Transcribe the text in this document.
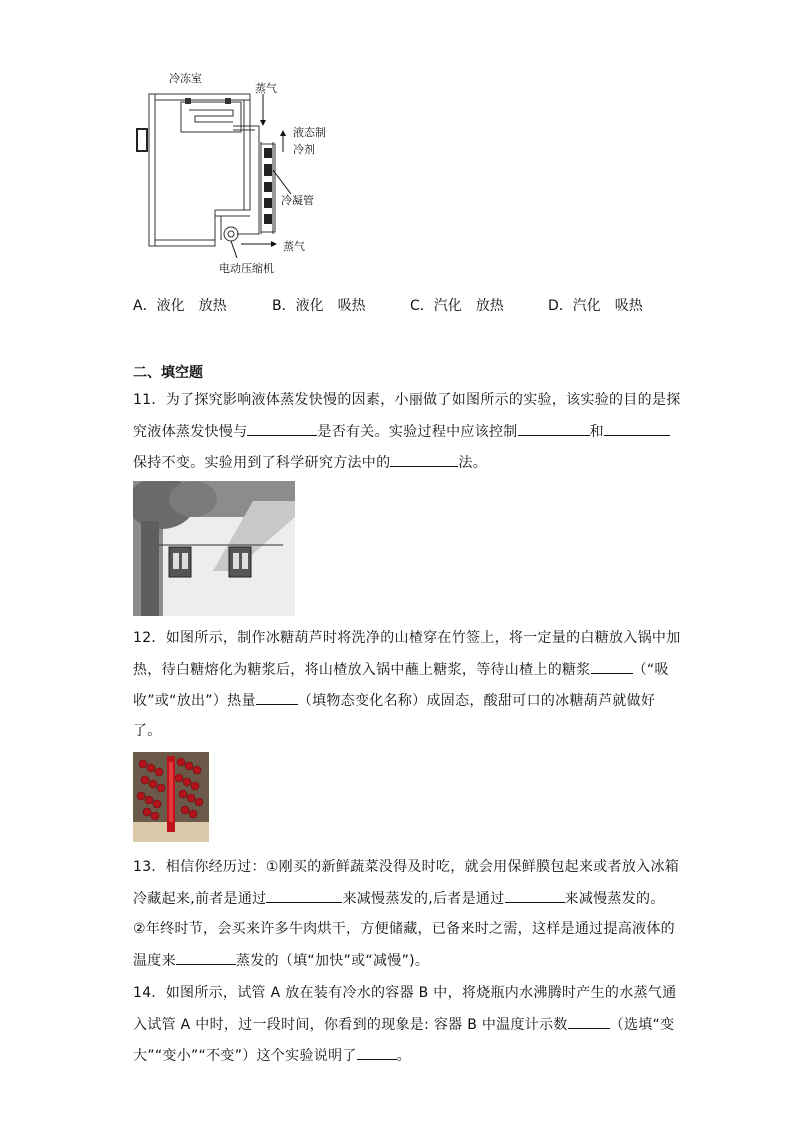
冷冻室
蒸气
液态制
冷剂
冷凝管
蒸气
电动压缩机
A．液化　放热	B．液化　吸热	C．汽化　放热	D．汽化　吸热
二、填空题
11．为了探究影响液体蒸发快慢的因素，小丽做了如图所示的实验，该实验的目的是探
究液体蒸发快慢与	是否有关。实验过程中应该控制	和
保持不变。实验用到了科学研究方法中的	法。
12．如图所示，制作冰糖葫芦时将洗净的山楂穿在竹签上，将一定量的白糖放入锅中加
热，待白糖熔化为糖浆后，将山楂放入锅中蘸上糖浆，等待山楂上的糖浆	（“吸
收”或“放出”）热量	（填物态变化名称）成固态，酸甜可口的冰糖葫芦就做好
了。
13．相信你经历过：①刚买的新鲜蔬菜没得及时吃，就会用保鲜膜包起来或者放入冰箱
冷藏起来,前者是通过	来减慢蒸发的,后者是通过	来减慢蒸发的。
②年终时节，会买来许多牛肉烘干，方便储藏，已备来时之需，这样是通过提高液体的
温度来	蒸发的（填“加快”或“减慢”)。
14．如图所示，试管 A 放在装有冷水的容器 B 中，将烧瓶内水沸腾时产生的水蒸气通
入试管 A 中时，过一段时间，你看到的现象是: 容器 B 中温度计示数	（选填“变
大”“变小”“不变”）这个实验说明了	。
